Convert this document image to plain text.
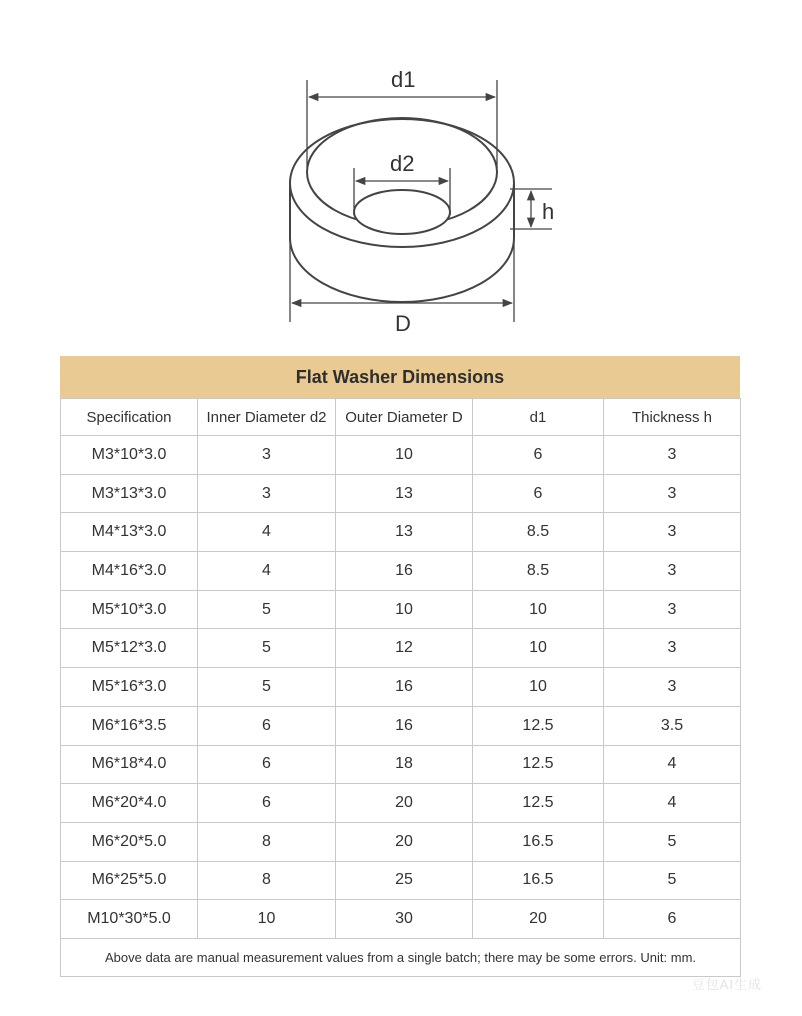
d1
d2
h
D
Flat Washer Dimensions
Specification	Inner Diameter d2	Outer Diameter D	d1	Thickness h
M3*10*3.0	3	10	6	3
M3*13*3.0	3	13	6	3
M4*13*3.0	4	13	8.5	3
M4*16*3.0	4	16	8.5	3
M5*10*3.0	5	10	10	3
M5*12*3.0	5	12	10	3
M5*16*3.0	5	16	10	3
M6*16*3.5	6	16	12.5	3.5
M6*18*4.0	6	18	12.5	4
M6*20*4.0	6	20	12.5	4
M6*20*5.0	8	20	16.5	5
M6*25*5.0	8	25	16.5	5
M10*30*5.0	10	30	20	6
Above data are manual measurement values from a single batch; there may be some errors. Unit: mm.				
豆包AI生成
